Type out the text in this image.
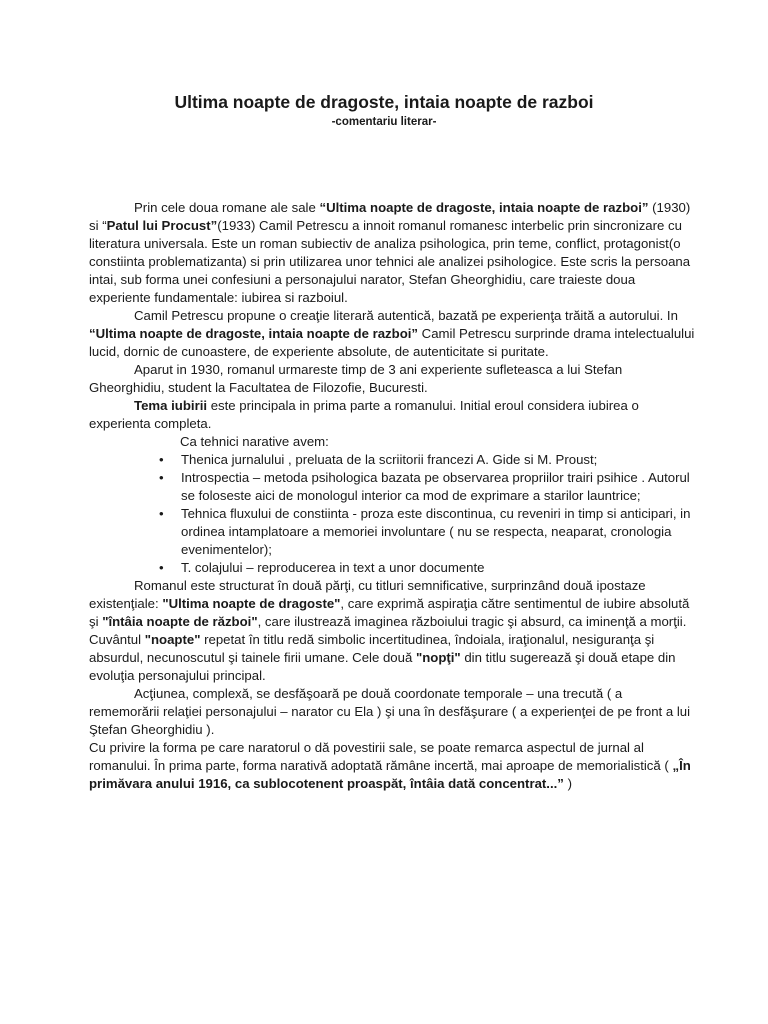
Ultima noapte de dragoste, intaia noapte de razboi
-comentariu literar-

Prin cele doua romane ale sale “Ultima noapte de dragoste, intaia noapte de razboi” (1930) si “Patul lui Procust”(1933) Camil Petrescu a innoit romanul romanesc interbelic prin sincronizare cu literatura universala. Este un roman subiectiv de analiza psihologica, prin teme, conflict, protagonist(o constiinta problematizanta) si prin utilizarea unor tehnici ale analizei psihologice. Este scris la persoana intai, sub forma unei confesiuni a personajului narator, Stefan Gheorghidiu, care traieste doua experiente fundamentale: iubirea si razboiul.

Camil Petrescu propune o creaţie literară autentică, bazată pe experienţa trăită a autorului. In “Ultima noapte de dragoste, intaia noapte de razboi” Camil Petrescu surprinde drama intelectualului lucid, dornic de cunoastere, de experiente absolute, de autenticitate si puritate.

Aparut in 1930, romanul urmareste timp de 3 ani experiente sufleteasca a lui Stefan Gheorghidiu, student la Facultatea de Filozofie, Bucuresti.

Tema iubirii este principala in prima parte a romanului. Initial eroul considera iubirea o experienta completa.

Ca tehnici narative avem:

• Thenica jurnalului , preluata de la scriitorii francezi A. Gide si M. Proust;
• Introspectia – metoda psihologica bazata pe observarea propriilor trairi psihice . Autorul se foloseste aici de monologul interior ca mod de exprimare a starilor launtrice;
• Tehnica fluxului de constiinta - proza este discontinua, cu reveniri in timp si anticipari, in ordinea intamplatoare a memoriei involuntare ( nu se respecta, neaparat, cronologia evenimentelor);
• T. colajului – reproducerea in text a unor documente

Romanul este structurat în două părţi, cu titluri semnificative, surprinzând două ipostaze existenţiale: "Ultima noapte de dragoste", care exprimă aspiraţia către sentimentul de iubire absolută şi "întâia noapte de război", care ilustrează imaginea războiului tragic şi absurd, ca iminenţă a morţii. Cuvântul "noapte" repetat în titlu redă simbolic incertitudinea, îndoiala, iraţionalul, nesiguranţa şi absurdul, necunoscutul şi tainele firii umane. Cele două "nopţi" din titlu sugerează şi două etape din evoluţia personajului principal.

Acţiunea, complexă, se desfăşoară pe două coordonate temporale – una trecută ( a rememorării relaţiei personajului – narator cu Ela ) şi una în desfăşurare ( a experienţei de pe front a lui Ştefan Gheorghidiu ).

Cu privire la forma pe care naratorul o dă povestirii sale, se poate remarca aspectul de jurnal al romanului. În prima parte, forma narativă adoptată rămâne incertă, mai aproape de memorialistică ( „În primăvara anului 1916, ca sublocotenent proaspăt, întâia dată concentrat...” )
